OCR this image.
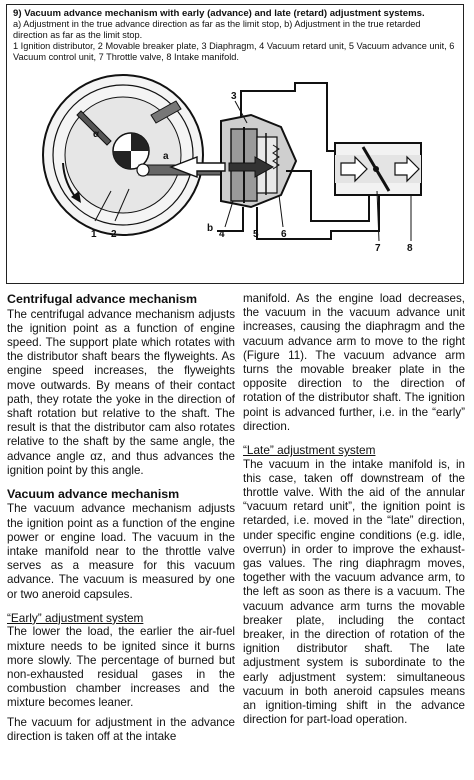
9) Vacuum advance mechanism with early (advance) and late (retard) adjustment systems.
a) Adjustment in the true advance direction as far as the limit stop, b) Adjustment in the true retarded direction as far as the limit stop.
1 Ignition distributor, 2 Movable breaker plate, 3 Diaphragm, 4 Vacuum retard unit, 5 Vacuum advance unit, 6 Vacuum control unit, 7 Throttle valve, 8 Intake manifold.
1 2
3
4	5 6
7	8
b
a
α
Centrifugal advance mechanism

The centrifugal advance mechanism adjusts the ignition point as a function of engine speed. The support plate which rotates with the distributor shaft bears the flyweights. As engine speed increases, the flyweights move outwards. By means of their contact path, they rotate the yoke in the direction of shaft rotation but relative to the shaft. The result is that the distributor cam also rotates relative to the shaft by the same angle, the advance angle αz, and thus advances the ignition point by this angle.

Vacuum advance mechanism

The vacuum advance mechanism adjusts the ignition point as a function of the engine power or engine load. The vacuum in the intake manifold near to the throttle valve serves as a measure for this vacuum advance. The vacuum is measured by one or two aneroid capsules.

“Early” adjustment system

The lower the load, the earlier the air-fuel mixture needs to be ignited since it burns more slowly. The percentage of burned but non-exhausted residual gases in the combustion chamber increases and the mixture becomes leaner.

The vacuum for adjustment in the advance direction is taken off at the intake

manifold. As the engine load decreases, the vacuum in the vacuum advance unit increases, causing the diaphragm and the vacuum advance arm to move to the right (Figure 11). The vacuum advance arm turns the movable breaker plate in the opposite direction to the direction of rotation of the distributor shaft. The ignition point is advanced further, i.e. in the “early” direction.

“Late” adjustment system

The vacuum in the intake manifold is, in this case, taken off downstream of the throttle valve. With the aid of the annular “vacuum retard unit”, the ignition point is retarded, i.e. moved in the “late” direction, under specific engine conditions (e.g. idle, overrun) in order to improve the exhaust-gas values. The ring diaphragm moves, together with the vacuum advance arm, to the left as soon as there is a vacuum. The vacuum advance arm turns the movable breaker plate, including the contact breaker, in the direction of rotation of the ignition distributor shaft. The late adjustment system is subordinate to the early adjustment system: simultaneous vacuum in both aneroid capsules means an ignition-timing shift in the advance direction for part-load operation.
